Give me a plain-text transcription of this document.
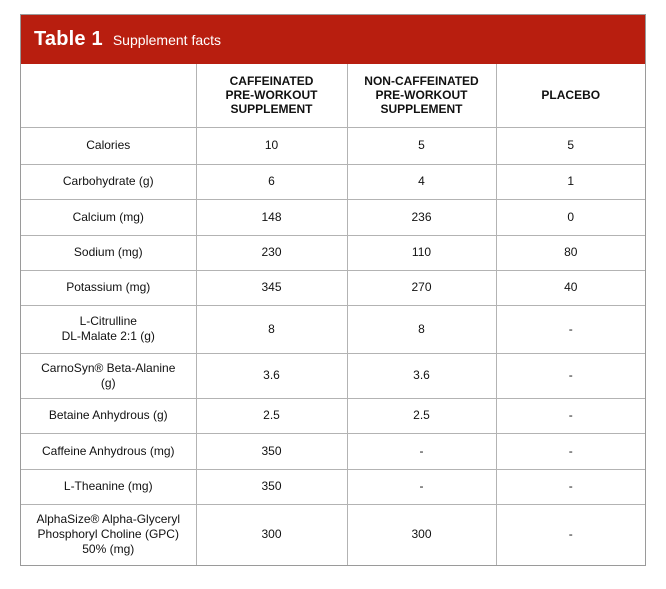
Table 1 Supplement facts
	CAFFEINATED
PRE-WORKOUT
SUPPLEMENT	NON-CAFFEINATED
PRE-WORKOUT
SUPPLEMENT	PLACEBO
Calories	10	5	5
Carbohydrate (g)	6	4	1
Calcium (mg)	148	236	0
Sodium (mg)	230	110	80
Potassium (mg)	345	270	40
L-Citrulline
DL-Malate 2:1 (g)	8	8	-
CarnoSyn® Beta-Alanine
(g)	3.6	3.6	-
Betaine Anhydrous (g)	2.5	2.5	-
Caffeine Anhydrous (mg)	350	-	-
L-Theanine (mg)	350	-	-
AlphaSize® Alpha-Glyceryl
Phosphoryl Choline (GPC)
50% (mg)	300	300	-
